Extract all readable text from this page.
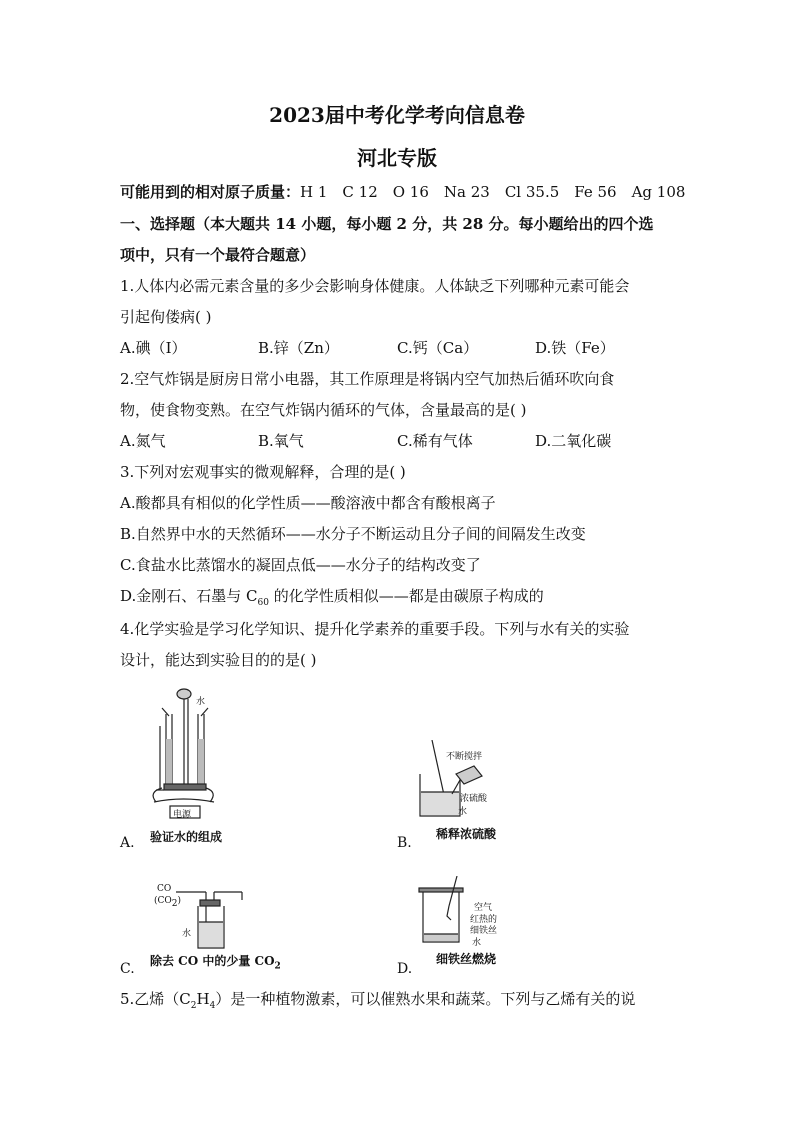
2023届中考化学考向信息卷
河北专版
可能用到的相对原子质量：H 1　C 12　O 16　Na 23　Cl 35.5　Fe 56　Ag 108
一、选择题（本大题共 14 小题，每小题 2 分，共 28 分。每小题给出的四个选
项中，只有一个最符合题意）
1.人体内必需元素含量的多少会影响身体健康。人体缺乏下列哪种元素可能会
引起佝偻病( )
A.碘（I）	B.锌（Zn）	C.钙（Ca）	D.铁（Fe）
2.空气炸锅是厨房日常小电器，其工作原理是将锅内空气加热后循环吹向食
物，使食物变熟。在空气炸锅内循环的气体，含量最高的是( )
A.氮气	B.氧气	C.稀有气体	D.二氧化碳
3.下列对宏观事实的微观解释，合理的是( )
A.酸都具有相似的化学性质——酸溶液中都含有酸根离子
B.自然界中水的天然循环——水分子不断运动且分子间的间隔发生改变
C.食盐水比蒸馏水的凝固点低——水分子的结构改变了
D.金刚石、石墨与 $C_{60}$ 的化学性质相似——都是由碳原子构成的
4.化学实验是学习化学知识、提升化学素养的重要手段。下列与水有关的实验
设计，能达到实验目的的是( )
水
电源
验证水的组成
A.
不断搅拌
浓硫酸
水
稀释浓硫酸
B.
CO
$(CO_2)$
水
除去 CO 中的少量 $CO_2$
C.
空气
红热的
细铁丝
水
细铁丝燃烧
D.
5.乙烯$(C_2H_4)$是一种植物激素，可以催熟水果和蔬菜。下列与乙烯有关的说
